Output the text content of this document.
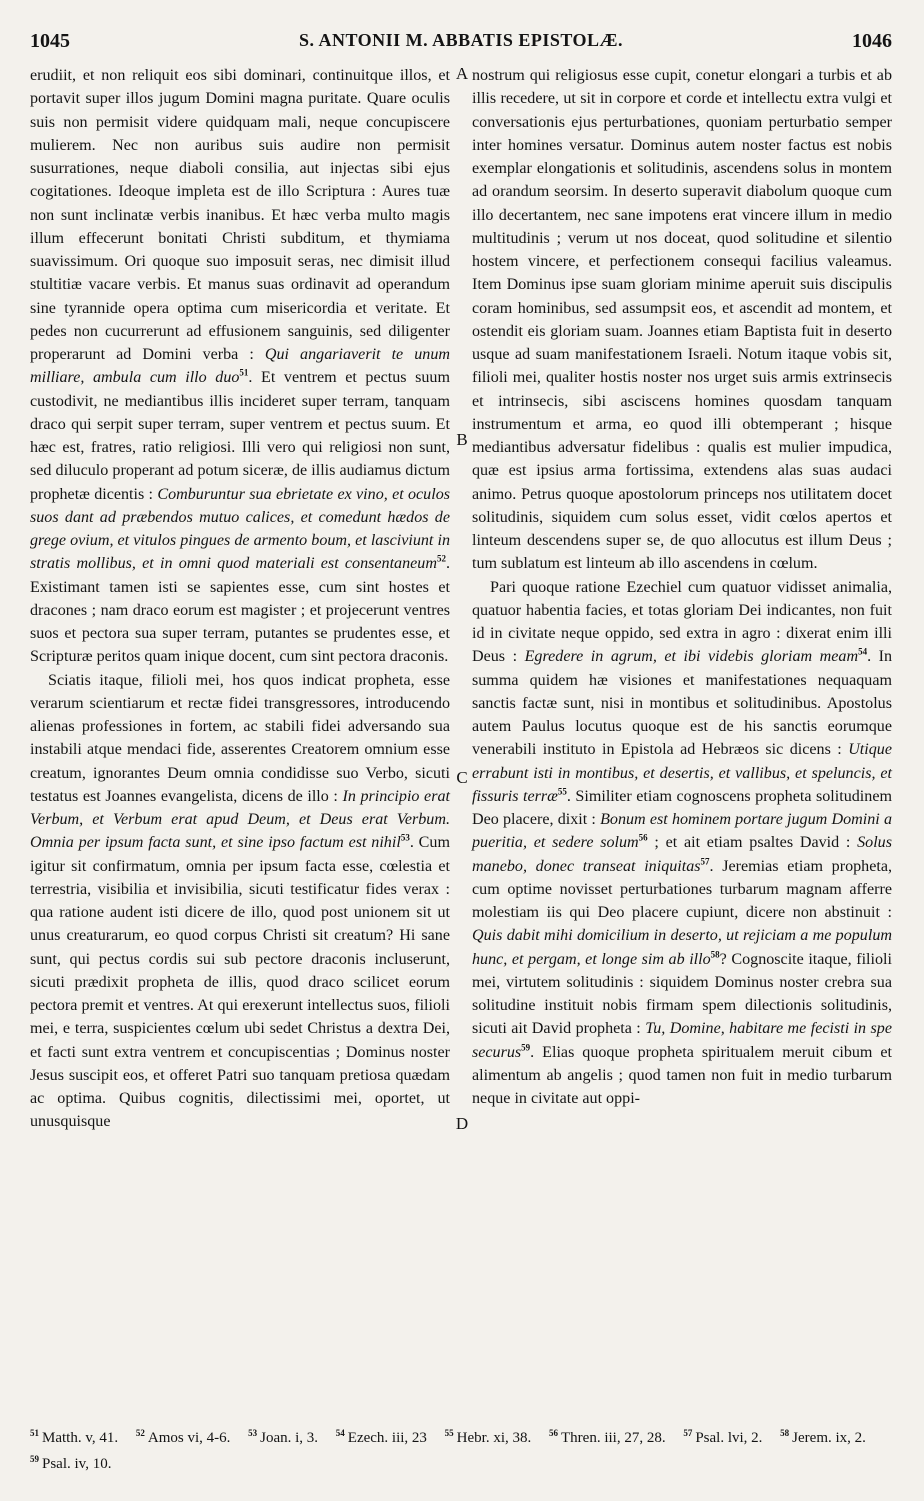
1045	S. ANTONII M. ABBATIS EPISTOLÆ.	1046

erudiit, et non reliquit eos sibi dominari, continuitque illos, et portavit super illos jugum Domini magna puritate. Quare oculis suis non permisit videre quidquam mali, neque concupiscere mulierem. Nec non auribus suis audire non permisit susurrationes, neque diaboli consilia, aut injectas sibi ejus cogitationes. Ideoque impleta est de illo Scriptura : Aures tuæ non sunt inclinatæ verbis inanibus. Et hæc verba multo magis illum effecerunt bonitati Christi subditum, et thymiama suavissimum. Ori quoque suo imposuit seras, nec dimisit illud stultitiæ vacare verbis. Et manus suas ordinavit ad operandum sine tyrannide opera optima cum misericordia et veritate. Et pedes non cucurrerunt ad effusionem sanguinis, sed diligenter properarunt ad Domini verba : Qui angariaverit te unum milliare, ambula cum illo duo$^{51}$. Et ventrem et pectus suum custodivit, ne mediantibus illis incideret super terram, tanquam draco qui serpit super terram, super ventrem et pectus suum. Et hæc est, fratres, ratio religiosi. Illi vero qui religiosi non sunt, sed diluculo properant ad potum siceræ, de illis audiamus dictum prophetæ dicentis : Comburuntur sua ebrietate ex vino, et oculos suos dant ad præbendos mutuo calices, et comedunt hædos de grege ovium, et vitulos pingues de armento boum, et lasciviunt in stratis mollibus, et in omni quod materiali est consentaneum$^{52}$. Existimant tamen isti se sapientes esse, cum sint hostes et dracones ; nam draco eorum est magister ; et projecerunt ventres suos et pectora sua super terram, putantes se prudentes esse, et Scripturæ peritos quam inique docent, cum sint pectora draconis.

Sciatis itaque, filioli mei, hos quos indicat propheta, esse verarum scientiarum et rectæ fidei transgressores, introducendo alienas professiones in fortem, ac stabili fidei adversando sua instabili atque mendaci fide, asserentes Creatorem omnium esse creatum, ignorantes Deum omnia condidisse suo Verbo, sicuti testatus est Joannes evangelista, dicens de illo : In principio erat Verbum, et Verbum erat apud Deum, et Deus erat Verbum. Omnia per ipsum facta sunt, et sine ipso factum est nihil$^{53}$. Cum igitur sit confirmatum, omnia per ipsum facta esse, cœlestia et terrestria, visibilia et invisibilia, sicuti testificatur fides verax : qua ratione audent isti dicere de illo, quod post unionem sit ut unus creaturarum, eo quod corpus Christi sit creatum? Hi sane sunt, qui pectus cordis sui sub pectore draconis incluserunt, sicuti prædixit propheta de illis, quod draco scilicet eorum pectora premit et ventres. At qui erexerunt intellectus suos, filioli mei, e terra, suspicientes cœlum ubi sedet Christus a dextra Dei, et facti sunt extra ventrem et concupiscentias ; Dominus noster Jesus suscipit eos, et offeret Patri suo tanquam pretiosa quædam ac optima. Quibus cognitis, dilectissimi mei, oportet, ut unusquisque

nostrum qui religiosus esse cupit, conetur elongari a turbis et ab illis recedere, ut sit in corpore et corde et intellectu extra vulgi et conversationis ejus perturbationes, quoniam perturbatio semper inter homines versatur. Dominus autem noster factus est nobis exemplar elongationis et solitudinis, ascendens solus in montem ad orandum seorsim. In deserto superavit diabolum quoque cum illo decertantem, nec sane impotens erat vincere illum in medio multitudinis ; verum ut nos doceat, quod solitudine et silentio hostem vincere, et perfectionem consequi facilius valeamus. Item Dominus ipse suam gloriam minime aperuit suis discipulis coram hominibus, sed assumpsit eos, et ascendit ad montem, et ostendit eis gloriam suam. Joannes etiam Baptista fuit in deserto usque ad suam manifestationem Israeli. Notum itaque vobis sit, filioli mei, qualiter hostis noster nos urget suis armis extrinsecis et intrinsecis, sibi asciscens homines quosdam tanquam instrumentum et arma, eo quod illi obtemperant ; hisque mediantibus adversatur fidelibus : qualis est mulier impudica, quæ est ipsius arma fortissima, extendens alas suas audaci animo. Petrus quoque apostolorum princeps nos utilitatem docet solitudinis, siquidem cum solus esset, vidit cœlos apertos et linteum descendens super se, de quo allocutus est illum Deus ; tum sublatum est linteum ab illo ascendens in cœlum.

Pari quoque ratione Ezechiel cum quatuor vidisset animalia, quatuor habentia facies, et totas gloriam Dei indicantes, non fuit id in civitate neque oppido, sed extra in agro : dixerat enim illi Deus : Egredere in agrum, et ibi videbis gloriam meam$^{54}$. In summa quidem hæ visiones et manifestationes nequaquam sanctis factæ sunt, nisi in montibus et solitudinibus. Apostolus autem Paulus locutus quoque est de his sanctis eorumque venerabili instituto in Epistola ad Hebræos sic dicens : Utique errabunt isti in montibus, et desertis, et vallibus, et speluncis, et fissuris terræ$^{55}$. Similiter etiam cognoscens propheta solitudinem Deo placere, dixit : Bonum est hominem portare jugum Domini a pueritia, et sedere solum$^{56}$ ; et ait etiam psaltes David : Solus manebo, donec transeat iniquitas$^{57}$. Jeremias etiam propheta, cum optime novisset perturbationes turbarum magnam afferre molestiam iis qui Deo placere cupiunt, dicere non abstinuit : Quis dabit mihi domicilium in deserto, ut rejiciam a me populum hunc, et pergam, et longe sim ab illo$^{58}$? Cognoscite itaque, filioli mei, virtutem solitudinis : siquidem Dominus noster crebra sua solitudine instituit nobis firmam spem dilectionis solitudinis, sicuti ait David propheta : Tu, Domine, habitare me fecisti in spe securus$^{59}$. Elias quoque propheta spiritualem meruit cibum et alimentum ab angelis ; quod tamen non fuit in medio turbarum neque in civitate aut oppi-

A
B
C
D
$^{51}$ Matth. v, 41. $^{52}$ Amos vi, 4-6. $^{53}$ Joan. i, 3. $^{54}$ Ezech. iii, 23 $^{55}$ Hebr. xi, 38. $^{56}$ Thren. iii, 27, 28. $^{57}$ Psal. lvi, 2. $^{58}$ Jerem. ix, 2. $^{59}$ Psal. iv, 10.
